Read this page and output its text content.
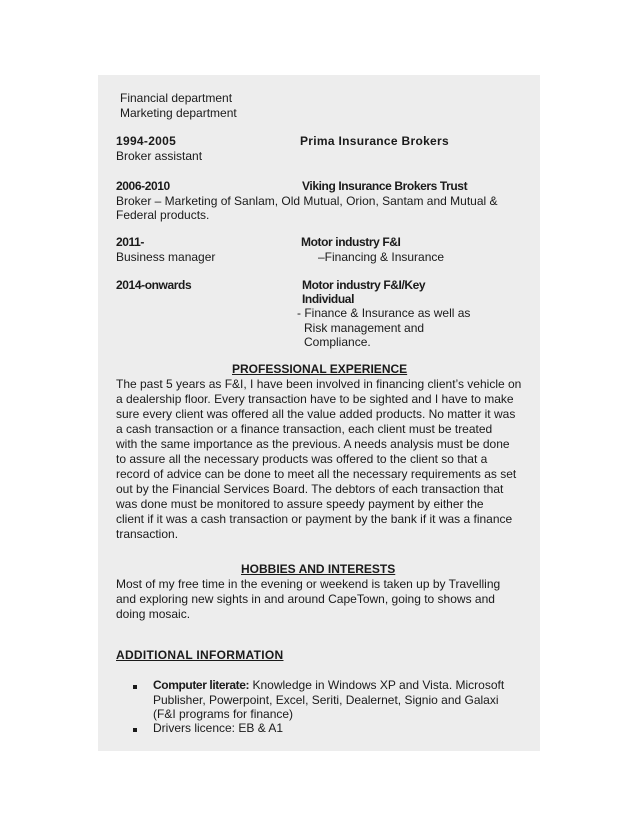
Financial department
Marketing department
1994-2005	Prima Insurance Brokers
Broker assistant
2006-2010	Viking Insurance Brokers Trust
Broker – Marketing of Sanlam, Old Mutual, Orion, Santam and Mutual &
Federal products.
2011-	Motor industry F&I
Business manager	–Financing & Insurance
2014-onwards	Motor industry F&I/Key
Individual
- Finance & Insurance as well as
Risk management and
Compliance.
PROFESSIONAL EXPERIENCE
The past 5 years as F&I, I have been involved in financing client’s vehicle on
a dealership floor. Every transaction have to be sighted and I have to make
sure every client was offered all the value added products. No matter it was
a cash transaction or a finance transaction, each client must be treated
with the same importance as the previous. A needs analysis must be done
to assure all the necessary products was offered to the client so that a
record of advice can be done to meet all the necessary requirements as set
out by the Financial Services Board. The debtors of each transaction that
was done must be monitored to assure speedy payment by either the
client if it was a cash transaction or payment by the bank if it was a finance
transaction.
HOBBIES AND INTERESTS
Most of my free time in the evening or weekend is taken up by Travelling
and exploring new sights in and around CapeTown, going to shows and
doing mosaic.
ADDITIONAL INFORMATION
Computer literate: Knowledge in Windows XP and Vista. Microsoft
Publisher, Powerpoint, Excel, Seriti, Dealernet, Signio and Galaxi
(F&I programs for finance)
Drivers licence: EB & A1
